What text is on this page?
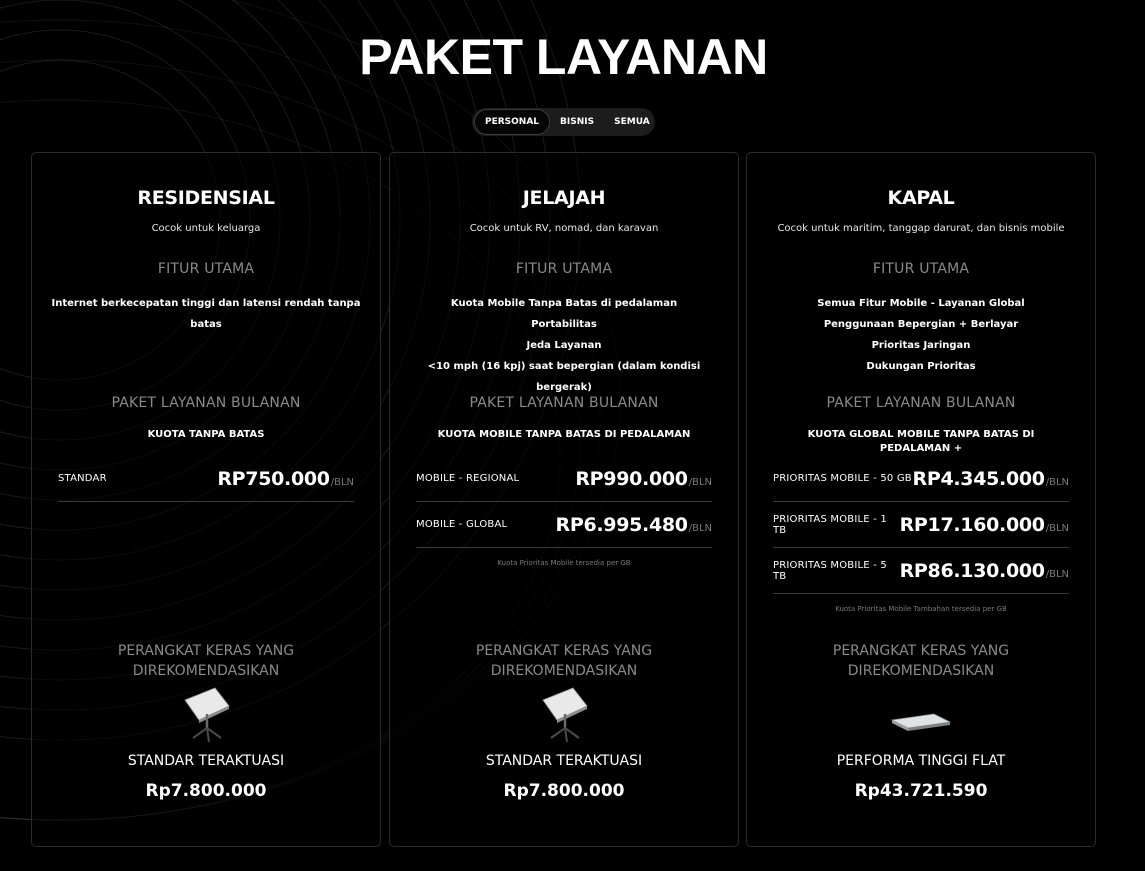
PAKET LAYANAN
PERSONAL	BISNIS	SEMUA
RESIDENSIAL
Cocok untuk keluarga
FITUR UTAMA
Internet berkecepatan tinggi dan latensi rendah tanpa batas
PAKET LAYANAN BULANAN
KUOTA TANPA BATAS
STANDAR	RP750.000 /BLN
PERANGKAT KERAS YANG DIREKOMENDASIKAN
STANDAR TERAKTUASI
Rp7.800.000
JELAJAH
Cocok untuk RV, nomad, dan karavan
FITUR UTAMA
Kuota Mobile Tanpa Batas di pedalaman
Portabilitas
Jeda Layanan
<10 mph (16 kpj) saat bepergian (dalam kondisi bergerak)
PAKET LAYANAN BULANAN
KUOTA MOBILE TANPA BATAS DI PEDALAMAN
MOBILE - REGIONAL	RP990.000 /BLN
MOBILE - GLOBAL	RP6.995.480 /BLN
Kuota Prioritas Mobile tersedia per GB
PERANGKAT KERAS YANG DIREKOMENDASIKAN
STANDAR TERAKTUASI
Rp7.800.000
KAPAL
Cocok untuk maritim, tanggap darurat, dan bisnis mobile
FITUR UTAMA
Semua Fitur Mobile - Layanan Global
Penggunaan Bepergian + Berlayar
Prioritas Jaringan
Dukungan Prioritas
PAKET LAYANAN BULANAN
KUOTA GLOBAL MOBILE TANPA BATAS DI PEDALAMAN +
PRIORITAS MOBILE - 50 GB RP4.345.000 /BLN
PRIORITAS MOBILE - 1 TB	RP17.160.000 /BLN
PRIORITAS MOBILE - 5 TB	RP86.130.000 /BLN
Kuota Prioritas Mobile Tambahan tersedia per GB
PERANGKAT KERAS YANG DIREKOMENDASIKAN
PERFORMA TINGGI FLAT
Rp43.721.590
